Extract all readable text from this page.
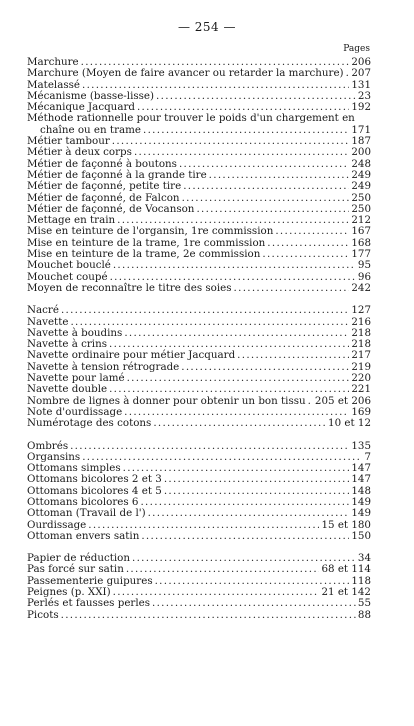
— 254 —
Pages
Marchure .....	206
Marchure (Moyen de faire avancer ou retarder la marchure) ..... 207
Matelassé .....	131
Mécanisme (basse-lisse) .....	23
Mécanique Jacquard .....	192
Méthode rationnelle pour trouver le poids d'un chargement en
chaîne ou en trame .....	171
Métier tambour .....	187
Métier à deux corps .....	200
Métier de façonné à boutons .....	248
Métier de façonné à la grande tire .....	249
Métier de façonné, petite tire .....	249
Métier de façonné, de Falcon .....	250
Métier de façonné, de Vocanson .....	250
Mettage en train .....	212
Mise en teinture de l'organsin, 1re commission .....	167
Mise en teinture de la trame, 1re commission .....	168
Mise en teinture de la trame, 2e commission .....	177
Mouchet bouclé .....	95
Mouchet coupé .....	96
Moyen de reconnaître le titre des soies .....	242
Nacré .....	127
Navette .....	216
Navette à boudins .....	218
Navette à crins .....	218
Navette ordinaire pour métier Jacquard .....	217
Navette à tension rétrograde .....	219
Navette pour lamé .....	220
Navette double .....	221
Nombre de lignes à donner pour obtenir un bon tissu ..... 205 et 206
Note d'ourdissage .....	169
Numérotage des cotons .....	10 et 12
Ombrés .....	135
Organsins .....	7
Ottomans simples .....	147
Ottomans bicolores 2 et 3 .....	147
Ottomans bicolores 4 et 5 .....	148
Ottomans bicolores 6 .....	149
Ottoman (Travail de l') .....	149
Ourdissage .....	15 et 180
Ottoman envers satin .....	150
Papier de réduction .....	34
Pas forcé sur satin .....	68 et 114
Passementerie guipures .....	118
Peignes (p. XXI) .....	21 et 142
Perlés et fausses perles .....	55
Picots .....	88
